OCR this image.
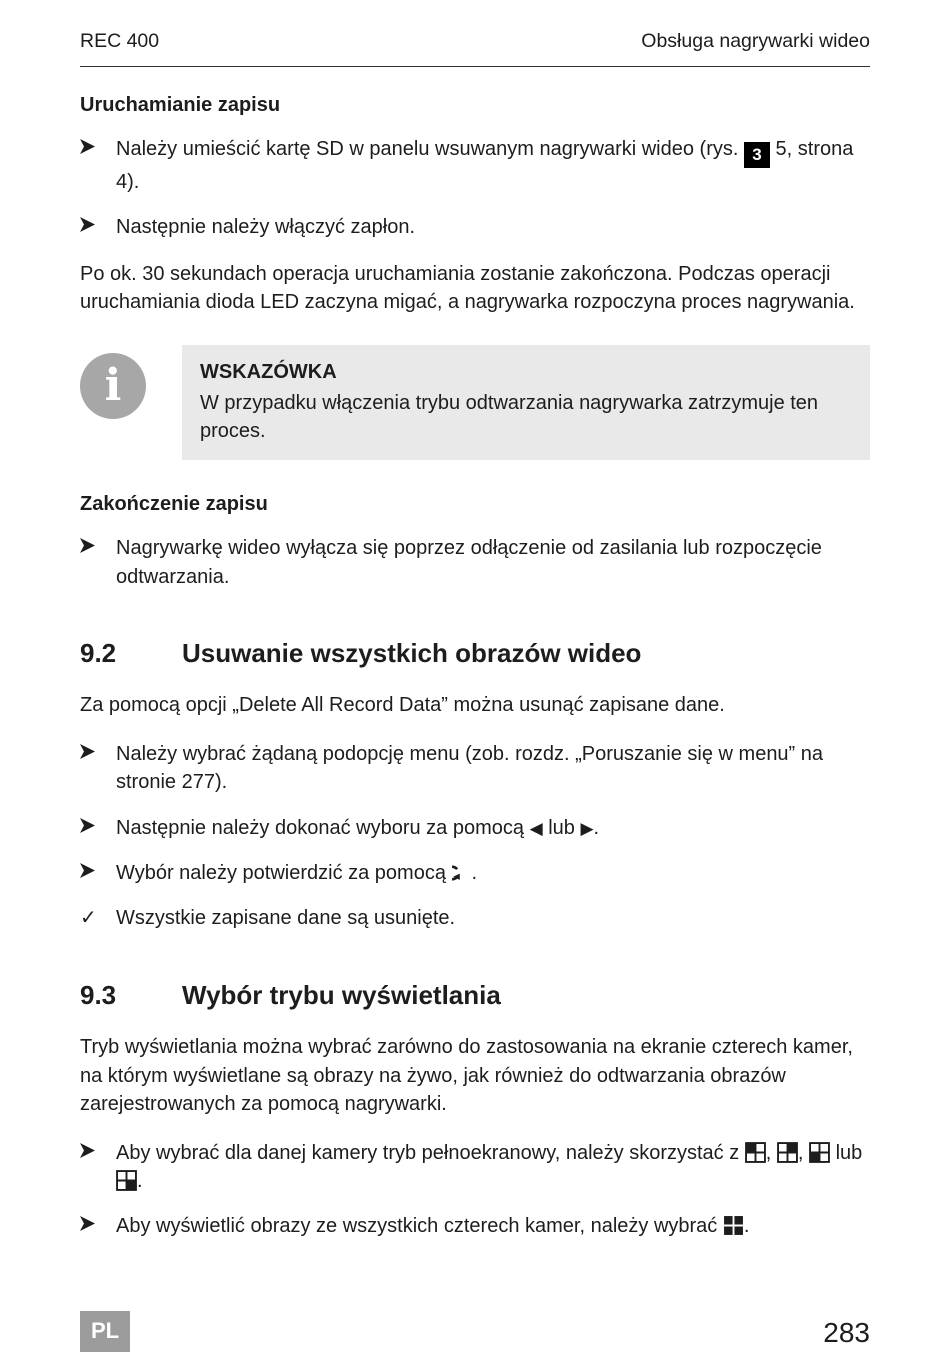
REC 400	Obsługa nagrywarki wideo
Uruchamianie zapisu
Należy umieścić kartę SD w panelu wsuwanym nagrywarki wideo (rys. 3 5, strona 4).
Następnie należy włączyć zapłon.
Po ok. 30 sekundach operacja uruchamiania zostanie zakończona. Podczas operacji uruchamiania dioda LED zaczyna migać, a nagrywarka rozpoczyna proces nagrywania.
i	WSKAZÓWKA
W przypadku włączenia trybu odtwarzania nagrywarka zatrzymuje ten proces.
Zakończenie zapisu
Nagrywarkę wideo wyłącza się poprzez odłączenie od zasilania lub rozpoczęcie odtwarzania.
9.2	Usuwanie wszystkich obrazów wideo
Za pomocą opcji „Delete All Record Data” można usunąć zapisane dane.
Należy wybrać żądaną podopcję menu (zob. rozdz. „Poruszanie się w menu” na stronie 277).
Następnie należy dokonać wyboru za pomocą ◀ lub ▶.
Wybór należy potwierdzić za pomocą .
✓ Wszystkie zapisane dane są usunięte.
9.3	Wybór trybu wyświetlania
Tryb wyświetlania można wybrać zarówno do zastosowania na ekranie czterech kamer, na którym wyświetlane są obrazy na żywo, jak również do odtwarzania obrazów zarejestrowanych za pomocą nagrywarki.
Aby wybrać dla danej kamery tryb pełnoekranowy, należy skorzystać z , ,  lub .
Aby wyświetlić obrazy ze wszystkich czterech kamer, należy wybrać .
PL	283
